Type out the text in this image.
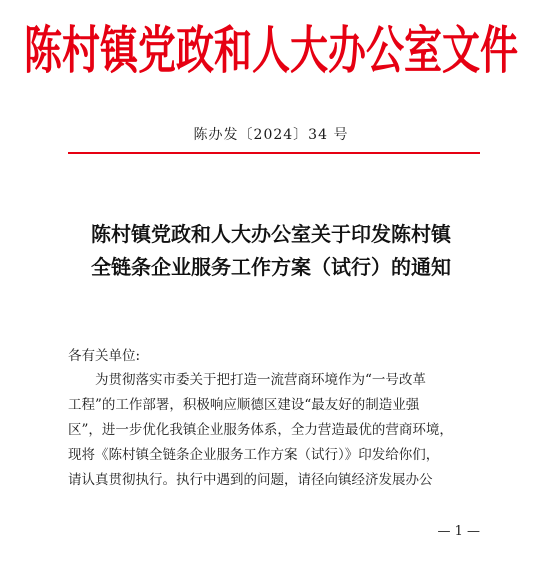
陈村镇党政和人大办公室文件
陈办发〔2024〕34 号
陈村镇党政和人大办公室关于印发陈村镇
全链条企业服务工作方案（试行）的通知
各有关单位:
为贯彻落实市委关于把打造一流营商环境作为“一号改革
工程”的工作部署，积极响应顺德区建设“最友好的制造业强
区”，进一步优化我镇企业服务体系，全力营造最优的营商环境，
现将《陈村镇全链条企业服务工作方案（试行）》印发给你们，
请认真贯彻执行。执行中遇到的问题，请径向镇经济发展办公
— 1 —
